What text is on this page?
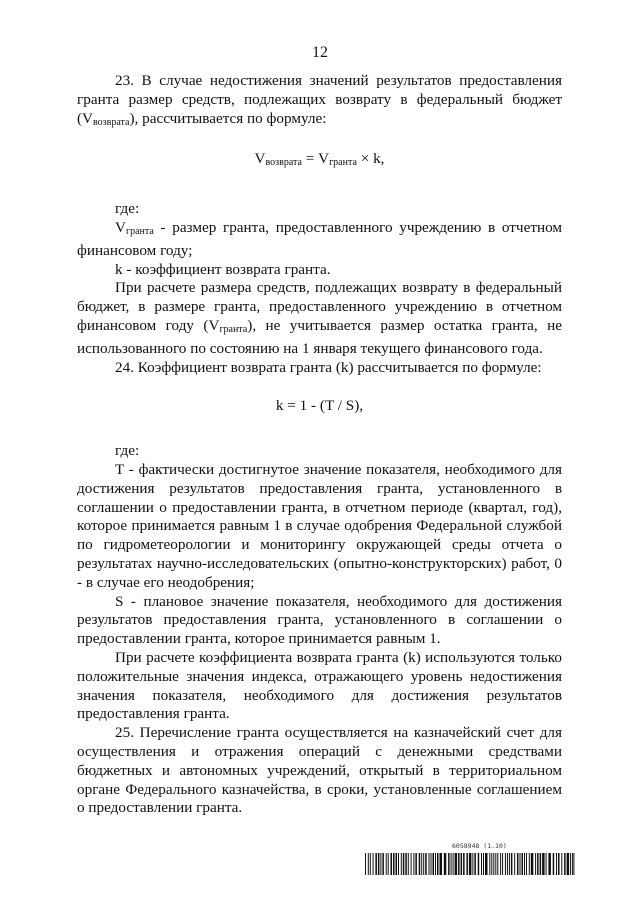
12

23. В случае недостижения значений результатов предоставления гранта размер средств, подлежащих возврату в федеральный бюджет $(V_{возврата})$, рассчитывается по формуле:

$V_{возврата} = V_{гранта} \times k$,

где:

$V_{гранта}$ - размер гранта, предоставленного учреждению в отчетном финансовом году;

k - коэффициент возврата гранта.

При расчете размера средств, подлежащих возврату в федеральный бюджет, в размере гранта, предоставленного учреждению в отчетном финансовом году $(V_{гранта})$, не учитывается размер остатка гранта, не использованного по состоянию на 1 января текущего финансового года.

24. Коэффициент возврата гранта (k) рассчитывается по формуле:

k = 1 - (T / S),

где:

T - фактически достигнутое значение показателя, необходимого для достижения результатов предоставления гранта, установленного в соглашении о предоставлении гранта, в отчетном периоде (квартал, год), которое принимается равным 1 в случае одобрения Федеральной службой по гидрометеорологии и мониторингу окружающей среды отчета о результатах научно-исследовательских (опытно-конструкторских) работ, 0 - в случае его неодобрения;

S - плановое значение показателя, необходимого для достижения результатов предоставления гранта, установленного в соглашении о предоставлении гранта, которое принимается равным 1.

При расчете коэффициента возврата гранта (k) используются только положительные значения индекса, отражающего уровень недостижения значения показателя, необходимого для достижения результатов предоставления гранта.

25. Перечисление гранта осуществляется на казначейский счет для осуществления и отражения операций с денежными средствами бюджетных и автономных учреждений, открытый в территориальном органе Федерального казначейства, в сроки, установленные соглашением о предоставлении гранта.

6058948 (1.10)
